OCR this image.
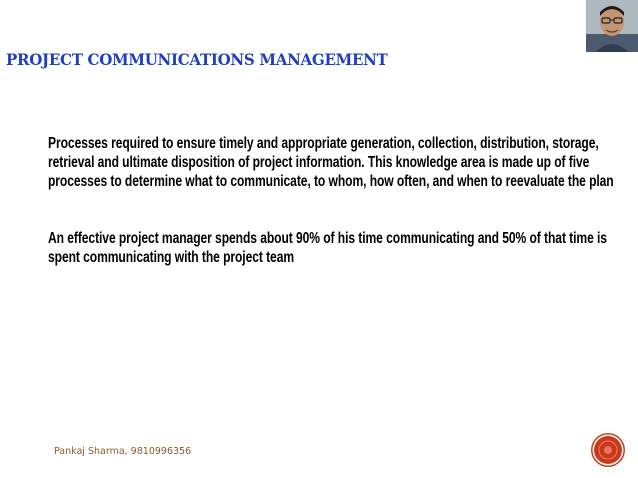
PROJECT COMMUNICATIONS MANAGEMENT

Processes required to ensure timely and appropriate generation, collection, distribution, storage, retrieval and ultimate disposition of project information. This knowledge area is made up of five processes to determine what to communicate, to whom, how often, and when to reevaluate the plan

An effective project manager spends about 90% of his time communicating and 50% of that time is spent communicating with the project team

Pankaj Sharma, 9810996356
